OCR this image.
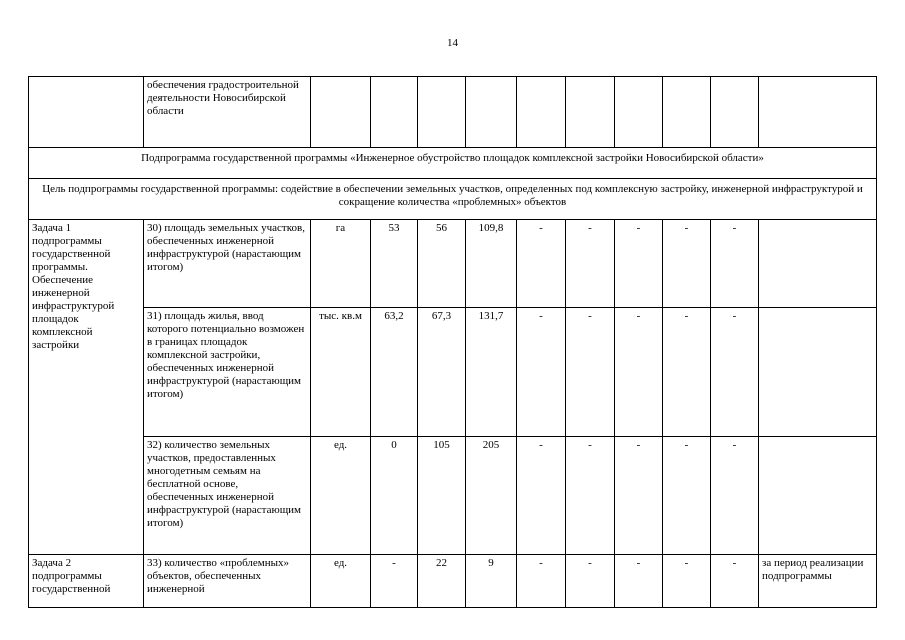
14
	обеспечения градостроительной деятельности Новосибирской области										
Подпрограмма государственной программы «Инженерное обустройство площадок комплексной застройки Новосибирской области»											
Цель подпрограммы государственной программы: содействие в обеспечении земельных участков, определенных под комплексную застройку, инженерной инфраструктурой и сокращение количества «проблемных» объектов											
Задача 1 подпрограммы государственной программы. Обеспечение инженерной инфраструктурой площадок комплексной застройки	30) площадь земельных участков, обеспеченных инженерной инфраструктурой (нарастающим итогом)	га	53	56	109,8	-	-	-	-	-	
	31) площадь жилья, ввод которого потенциально возможен в границах площадок комплексной застройки, обеспеченных инженерной инфраструктурой (нарастающим итогом)	тыс. кв.м	63,2	67,3	131,7	-	-	-	-	-	
	32) количество земельных участков, предоставленных многодетным семьям на бесплатной основе, обеспеченных инженерной инфраструктурой (нарастающим итогом)	ед.	0	105	205	-	-	-	-	-	
Задача 2 подпрограммы государственной	33) количество «проблемных» объектов, обеспеченных инженерной	ед.	-	22	9	-	-	-	-	-	за период реализации подпрограммы
